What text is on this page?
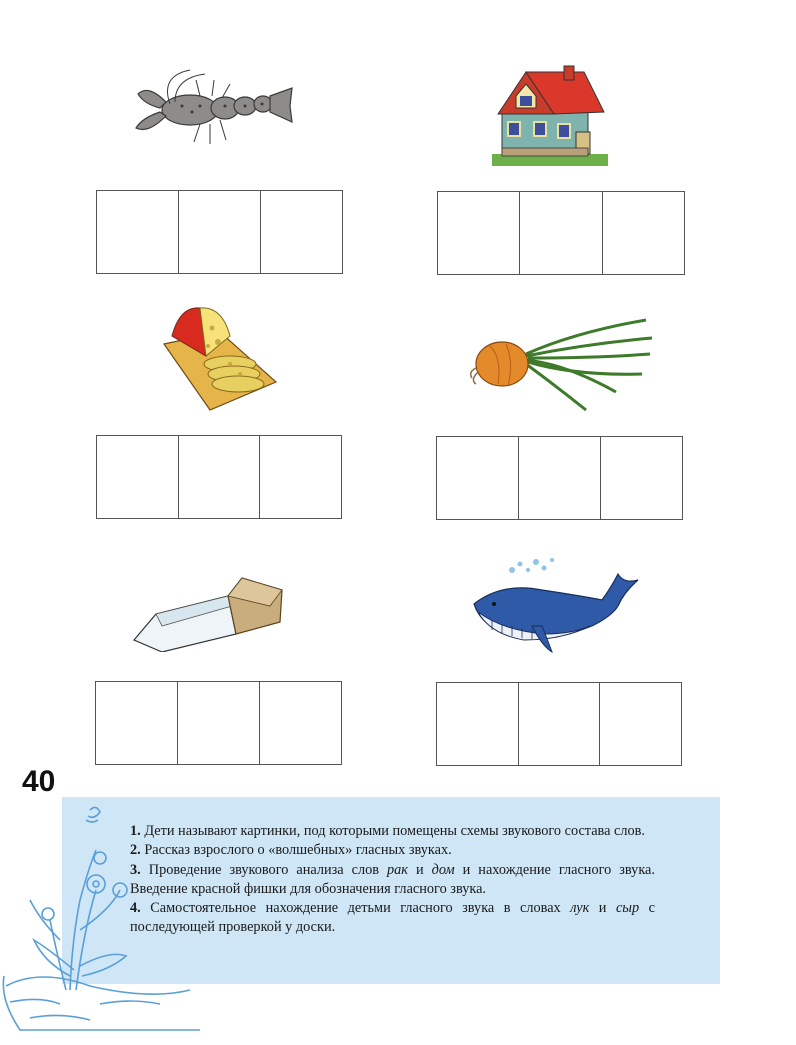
40

1. Дети называют картинки, под которыми помещены схемы звукового состава слов.

2. Рассказ взрослого о «волшебных» гласных звуках.

3. Проведение звукового анализа слов рак и дом и нахождение гласного звука. Введение красной фишки для обозначения гласного звука.

4. Самостоятельное нахождение детьми гласного звука в словах лук и сыр с последующей проверкой у доски.
